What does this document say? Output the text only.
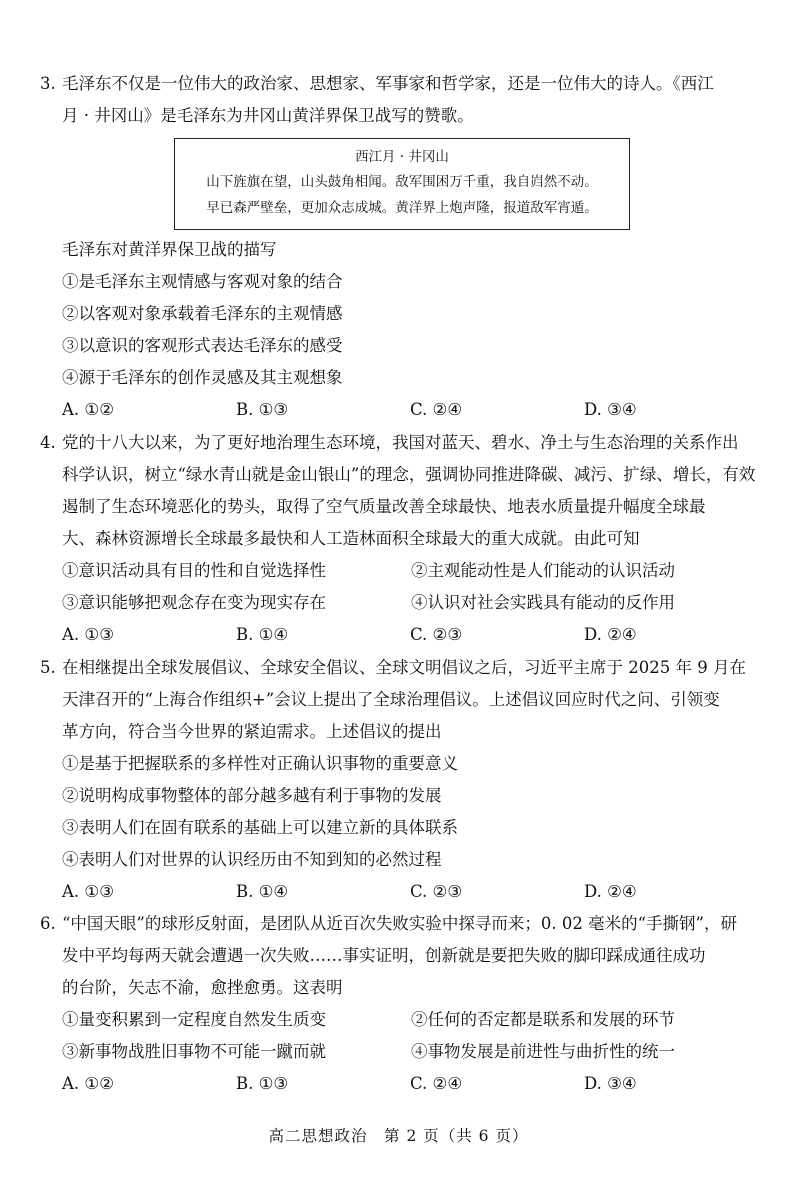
3. 毛泽东不仅是一位伟大的政治家、思想家、军事家和哲学家，还是一位伟大的诗人。《西江
月 · 井冈山》是毛泽东为井冈山黄洋界保卫战写的赞歌。
西江月 · 井冈山
山下旌旗在望，山头鼓角相闻。敌军围困万千重，我自岿然不动。
早已森严壁垒，更加众志成城。黄洋界上炮声隆，报道敌军宵遁。
毛泽东对黄洋界保卫战的描写
①是毛泽东主观情感与客观对象的结合
②以客观对象承载着毛泽东的主观情感
③以意识的客观形式表达毛泽东的感受
④源于毛泽东的创作灵感及其主观想象
A. ①②	B. ①③	C. ②④	D. ③④
4. 党的十八大以来，为了更好地治理生态环境，我国对蓝天、碧水、净土与生态治理的关系作出
科学认识，树立“绿水青山就是金山银山”的理念，强调协同推进降碳、减污、扩绿、增长，有效
遏制了生态环境恶化的势头，取得了空气质量改善全球最快、地表水质量提升幅度全球最
大、森林资源增长全球最多最快和人工造林面积全球最大的重大成就。由此可知
①意识活动具有目的性和自觉选择性	②主观能动性是人们能动的认识活动
③意识能够把观念存在变为现实存在	④认识对社会实践具有能动的反作用
A. ①③	B. ①④	C. ②③	D. ②④
5. 在相继提出全球发展倡议、全球安全倡议、全球文明倡议之后，习近平主席于 2025 年 9 月在
天津召开的“上海合作组织+”会议上提出了全球治理倡议。上述倡议回应时代之问、引领变
革方向，符合当今世界的紧迫需求。上述倡议的提出
①是基于把握联系的多样性对正确认识事物的重要意义
②说明构成事物整体的部分越多越有利于事物的发展
③表明人们在固有联系的基础上可以建立新的具体联系
④表明人们对世界的认识经历由不知到知的必然过程
A. ①③	B. ①④	C. ②③	D. ②④
6. “中国天眼”的球形反射面，是团队从近百次失败实验中探寻而来；0. 02 毫米的“手撕钢”，研
发中平均每两天就会遭遇一次失败……事实证明，创新就是要把失败的脚印踩成通往成功
的台阶，矢志不渝，愈挫愈勇。这表明
①量变积累到一定程度自然发生质变	②任何的否定都是联系和发展的环节
③新事物战胜旧事物不可能一蹴而就	④事物发展是前进性与曲折性的统一
A. ①②	B. ①③	C. ②④	D. ③④
高二思想政治　第 2 页（共 6 页）
